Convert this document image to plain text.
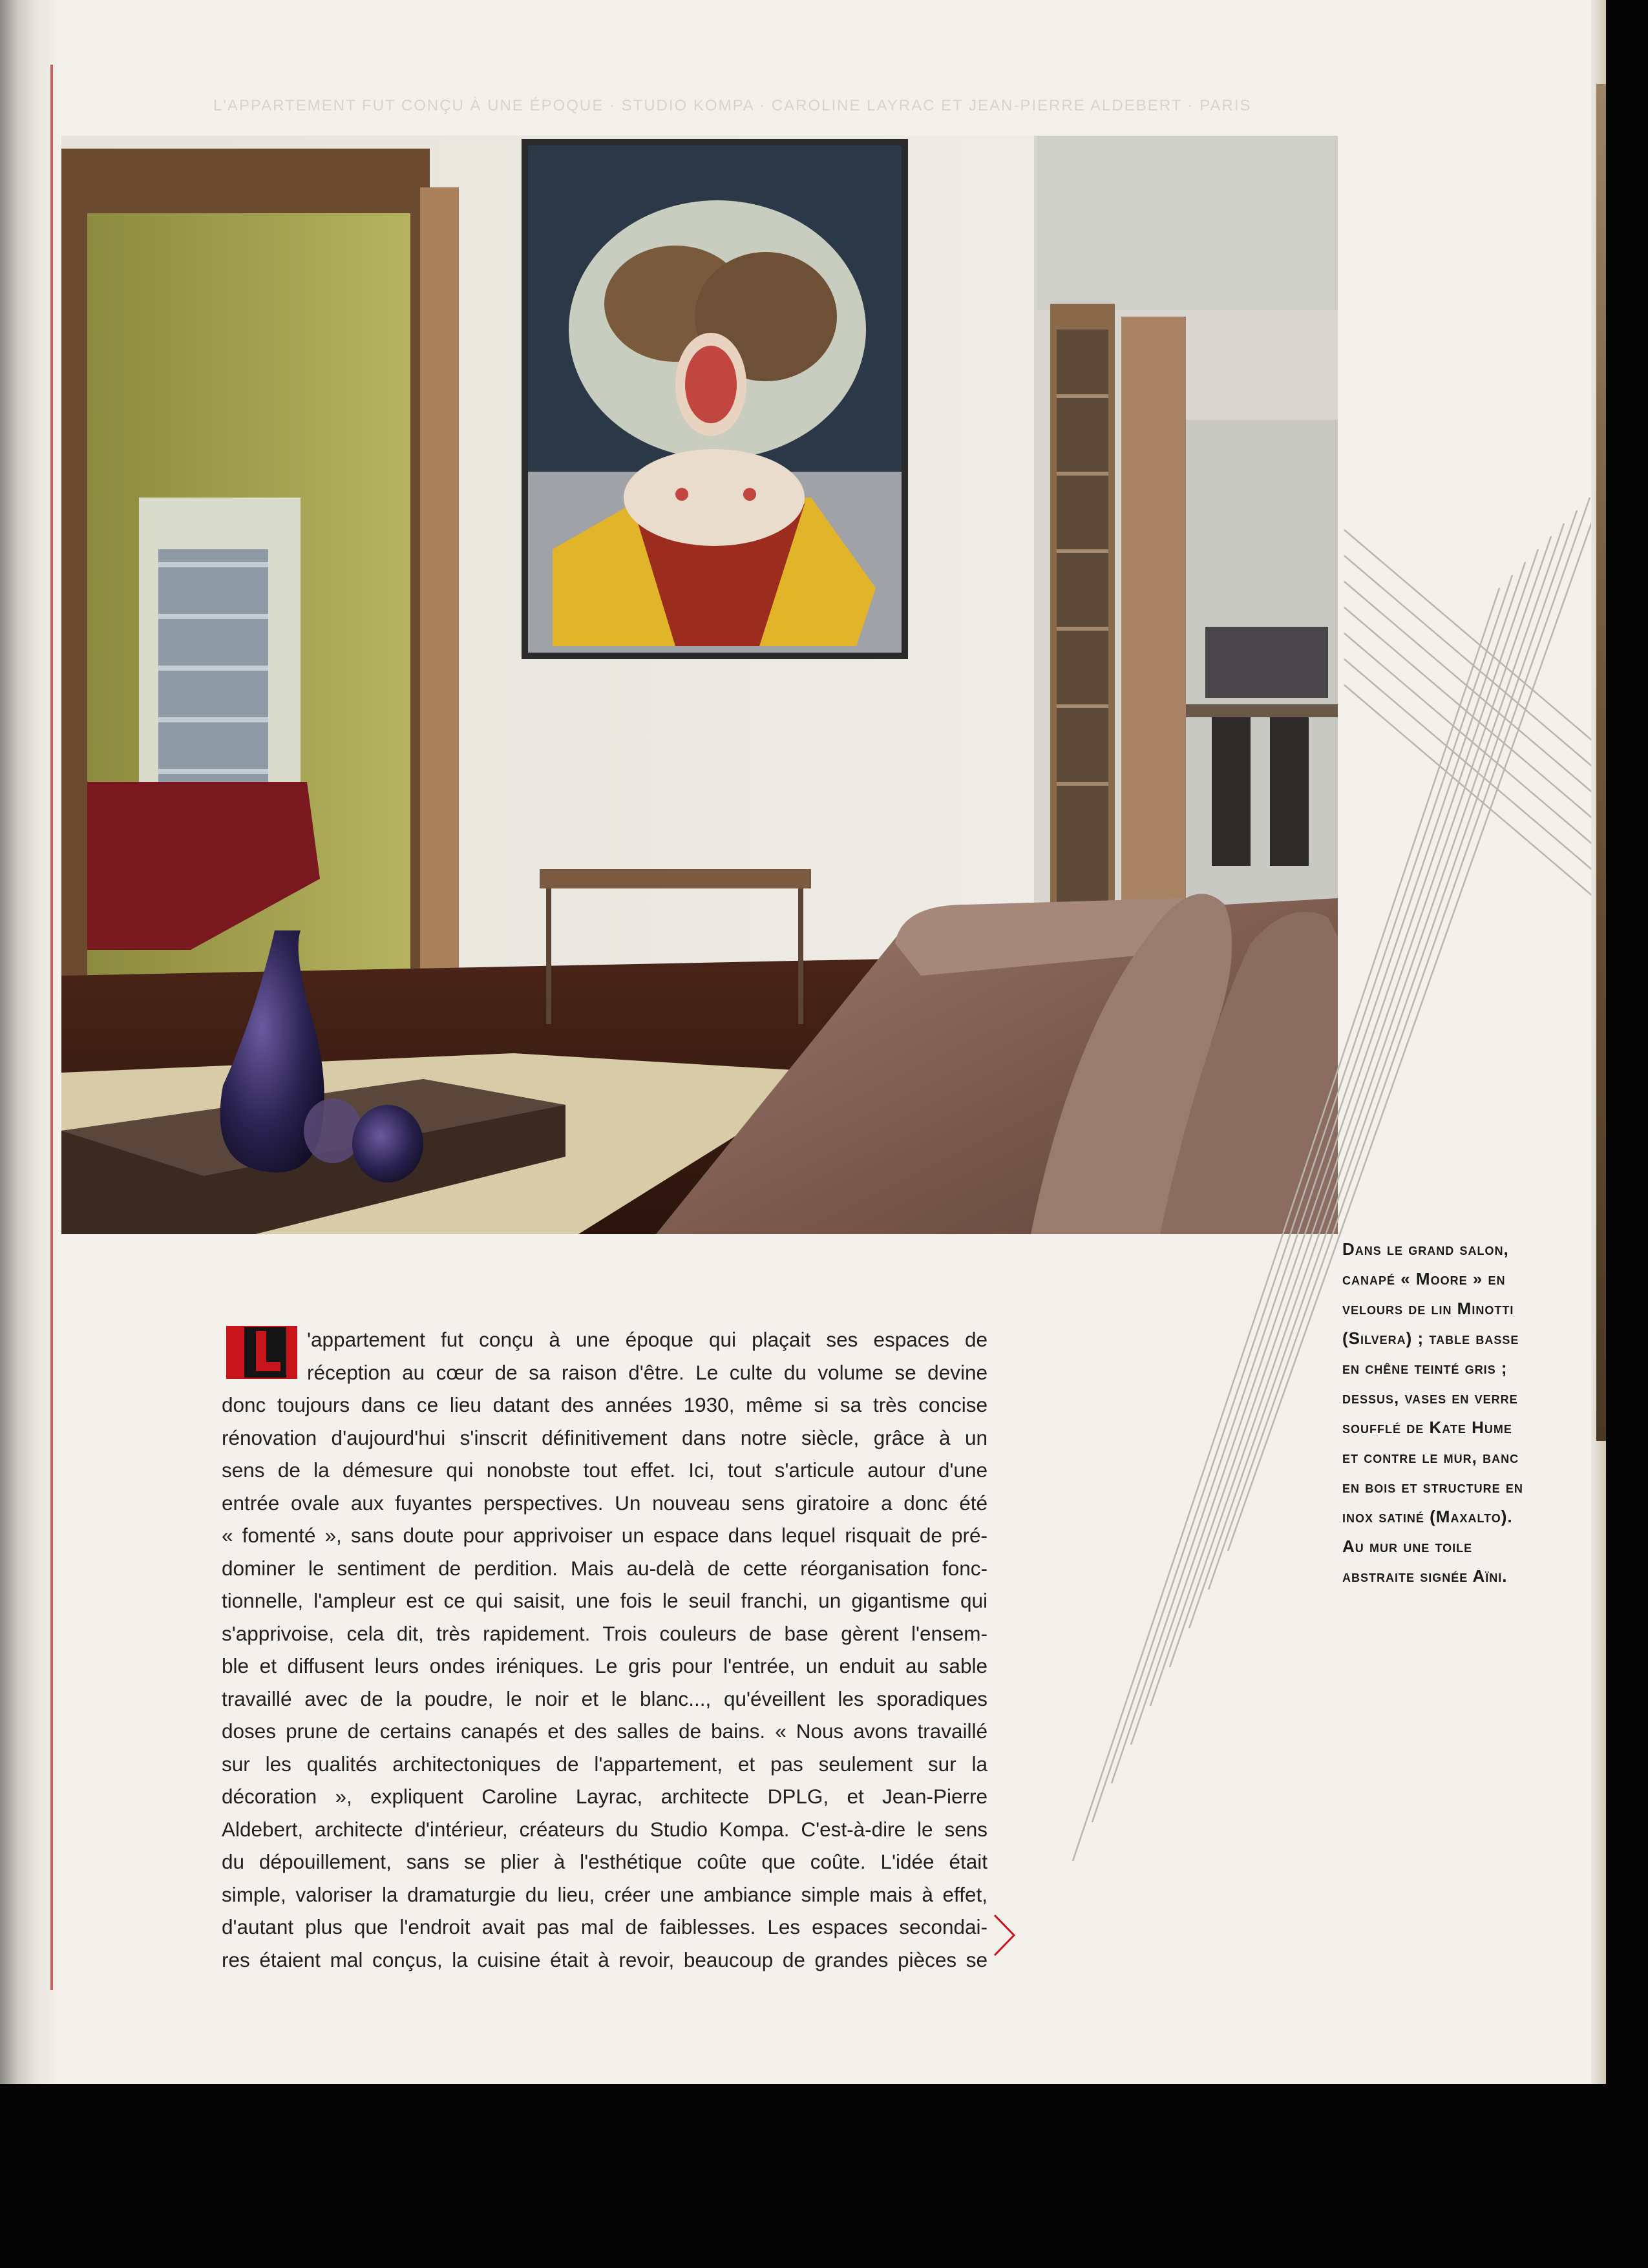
L'APPARTEMENT FUT CONÇU À UNE ÉPOQUE · STUDIO KOMPA · CAROLINE LAYRAC ET JEAN-PIERRE ALDEBERT · PARIS
Dans le grand salon,
canapé « Moore » en
velours de lin Minotti
(Silvera) ; table basse
en chêne teinté gris ;
dessus, vases en verre
soufflé de Kate Hume
et contre le mur, banc
en bois et structure en
inox satiné (Maxalto).
Au mur une toile
abstraite signée Aïni.
L
'appartement fut conçu à une époque qui plaçait ses espaces de
réception au cœur de sa raison d'être. Le culte du volume se devine
donc toujours dans ce lieu datant des années 1930, même si sa très concise
rénovation d'aujourd'hui s'inscrit définitivement dans notre siècle, grâce à un
sens de la démesure qui nonobste tout effet. Ici, tout s'articule autour d'une
entrée ovale aux fuyantes perspectives. Un nouveau sens giratoire a donc été
« fomenté », sans doute pour apprivoiser un espace dans lequel risquait de pré-
dominer le sentiment de perdition. Mais au-delà de cette réorganisation fonc-
tionnelle, l'ampleur est ce qui saisit, une fois le seuil franchi, un gigantisme qui
s'apprivoise, cela dit, très rapidement. Trois couleurs de base gèrent l'ensem-
ble et diffusent leurs ondes iréniques. Le gris pour l'entrée, un enduit au sable
travaillé avec de la poudre, le noir et le blanc..., qu'éveillent les sporadiques
doses prune de certains canapés et des salles de bains. « Nous avons travaillé
sur les qualités architectoniques de l'appartement, et pas seulement sur la
décoration », expliquent Caroline Layrac, architecte DPLG, et Jean-Pierre
Aldebert, architecte d'intérieur, créateurs du Studio Kompa. C'est-à-dire le sens
du dépouillement, sans se plier à l'esthétique coûte que coûte. L'idée était
simple, valoriser la dramaturgie du lieu, créer une ambiance simple mais à effet,
d'autant plus que l'endroit avait pas mal de faiblesses. Les espaces secondai-
res étaient mal conçus, la cuisine était à revoir, beaucoup de grandes pièces se
